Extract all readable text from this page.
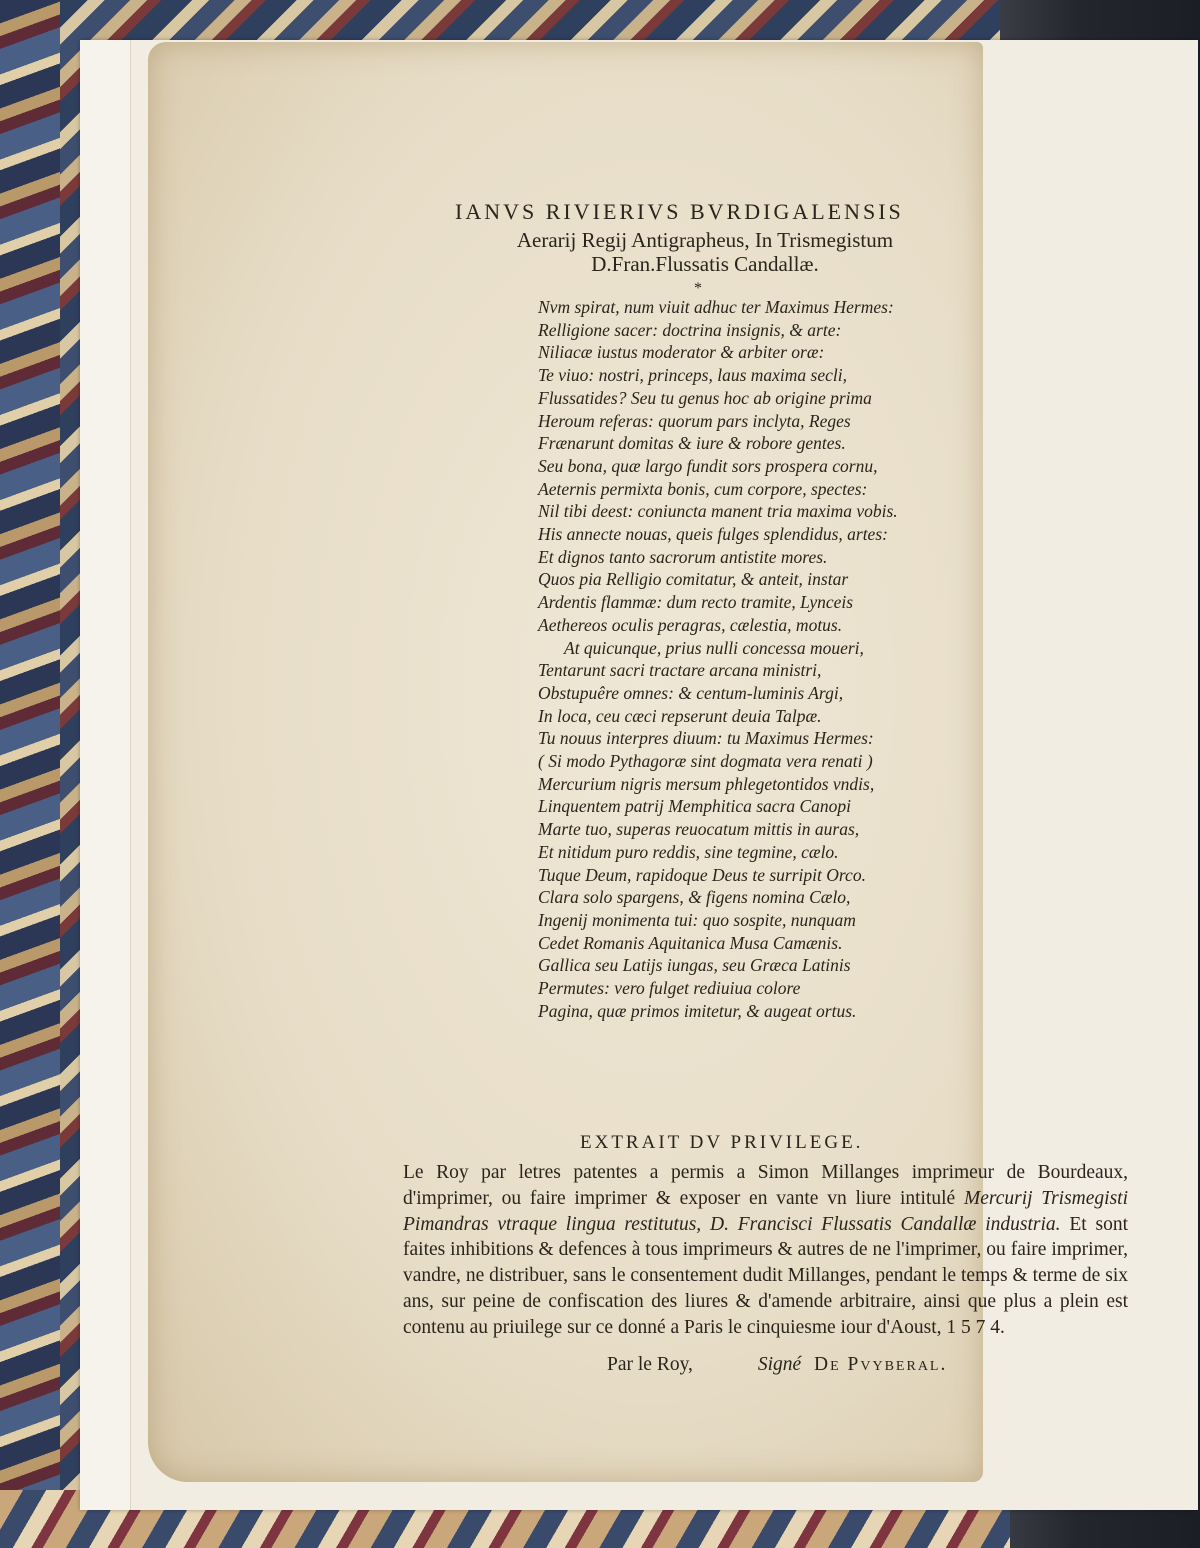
IANVS RIVIERIVS BVRDIGALENSIS
Aerarij Regij Antigrapheus, In Trismegistum
D.Fran.Flussatis Candallæ.
*
Nvm spirat, num viuit adhuc ter Maximus Hermes:
Relligione sacer: doctrina insignis, & arte:
Niliacæ iustus moderator & arbiter oræ:
Te viuo: nostri, princeps, laus maxima secli,
Flussatides? Seu tu genus hoc ab origine prima
Heroum referas: quorum pars inclyta, Reges
Frænarunt domitas & iure & robore gentes.
Seu bona, quæ largo fundit sors prospera cornu,
Aeternis permixta bonis, cum corpore, spectes:
Nil tibi deest: coniuncta manent tria maxima vobis.
His annecte nouas, queis fulges splendidus, artes:
Et dignos tanto sacrorum antistite mores.
Quos pia Relligio comitatur, & anteit, instar
Ardentis flammæ: dum recto tramite, Lynceis
Aethereos oculis peragras, cælestia, motus.
At quicunque, prius nulli concessa moueri,
Tentarunt sacri tractare arcana ministri,
Obstupuêre omnes: & centum-luminis Argi,
In loca, ceu cæci repserunt deuia Talpæ.
Tu nouus interpres diuum: tu Maximus Hermes:
( Si modo Pythagoræ sint dogmata vera renati )
Mercurium nigris mersum phlegetontidos vndis,
Linquentem patrij Memphitica sacra Canopi
Marte tuo, superas reuocatum mittis in auras,
Et nitidum puro reddis, sine tegmine, cælo.
Tuque Deum, rapidoque Deus te surripit Orco.
Clara solo spargens, & figens nomina Cælo,
Ingenij monimenta tui: quo sospite, nunquam
Cedet Romanis Aquitanica Musa Camænis.
Gallica seu Latijs iungas, seu Græca Latinis
Permutes: vero fulget rediuiua colore
Pagina, quæ primos imitetur, & augeat ortus.
EXTRAIT DV PRIVILEGE.
Le Roy par letres patentes a permis a Simon Millanges imprimeur de Bourdeaux, d'imprimer, ou faire imprimer & exposer en vante vn liure intitulé Mercurij Trismegisti Pimandras vtraque lingua restitutus, D. Francisci Flussatis Candallæ industria. Et sont faites inhibitions & defences à tous imprimeurs & autres de ne l'imprimer, ou faire imprimer, vandre, ne distribuer, sans le consentement dudit Millanges, pendant le temps & terme de six ans, sur peine de confiscation des liures & d'amende arbitraire, ainsi que plus a plein est contenu au priuilege sur ce donné a Paris le cinquiesme iour d'Aoust, 1 5 7 4.
Par le Roy,	Signé De Pvyberal.
